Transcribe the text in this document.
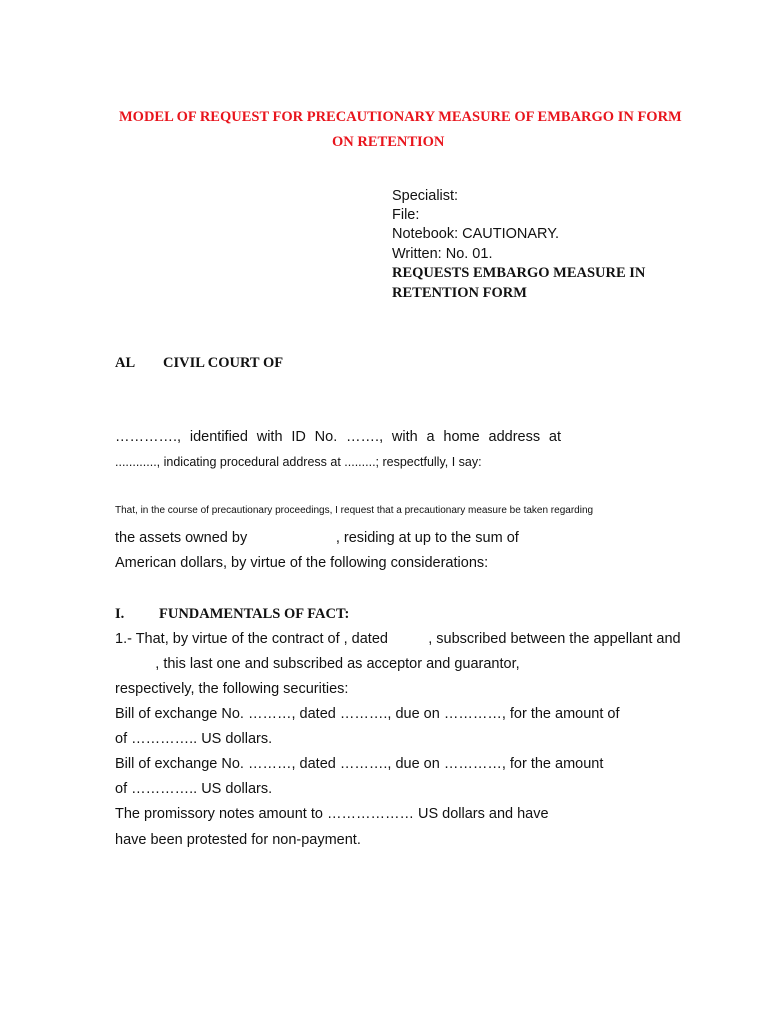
MODEL OF REQUEST FOR PRECAUTIONARY MEASURE OF EMBARGO IN FORM
ON RETENTION
Specialist:
File:
Notebook: CAUTIONARY.
Written: No. 01.
REQUESTS EMBARGO MEASURE IN
RETENTION FORM
AL CIVIL COURT OF
…………., identified with ID No. ……., with a home address at
............, indicating procedural address at .........; respectfully, I say:
That, in the course of precautionary proceedings, I request that a precautionary measure be taken regarding
the assets owned by                      , residing at up to the sum of
American dollars, by virtue of the following considerations:
I. FUNDAMENTALS OF FACT:
1.- That, by virtue of the contract of , dated          , subscribed between the appellant and
, this last one and subscribed as acceptor and guarantor,
respectively, the following securities:
Bill of exchange No. ………, dated ………., due on …………, for the amount of
of ………….. US dollars.
Bill of exchange No. ………, dated ………., due on …………, for the amount
of ………….. US dollars.
The promissory notes amount to ……………… US dollars and have
have been protested for non-payment.
